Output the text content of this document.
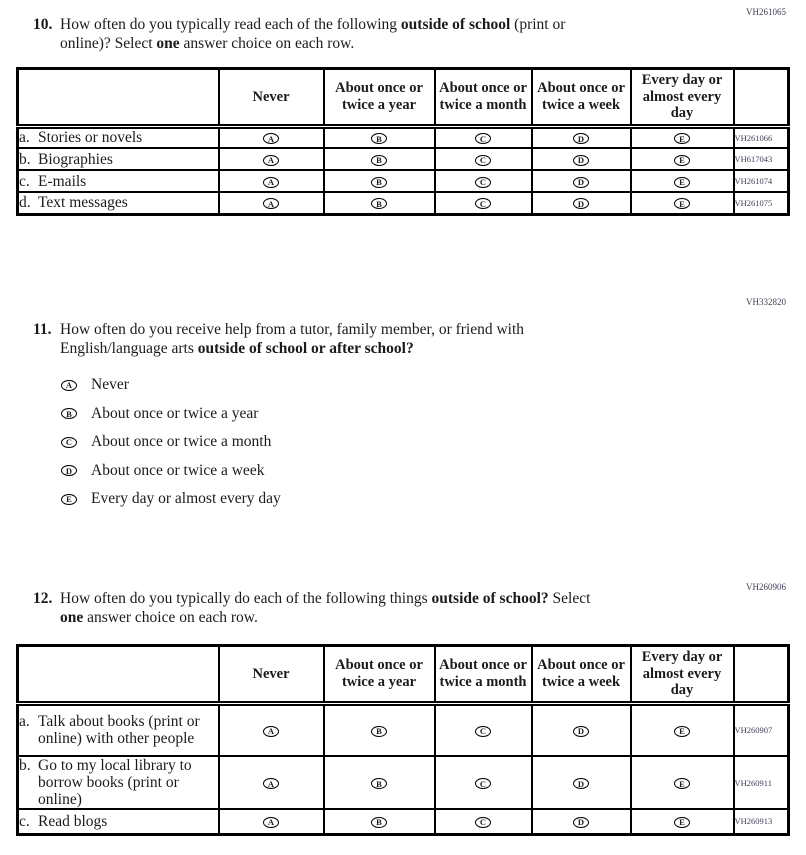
VH261065
10. How often do you typically read each of the following outside of school (print or
online)? Select one answer choice on each row.
	Never	About once or twice a year	About once or twice a month	About once or twice a week	Every day or almost every day	

a. Stories or novels	A	B	C	D	E	VH261066

b. Biographies	A	B	C	D	E	VH617043

c. E-mails	A	B	C	D	E	VH261074

d. Text messages	A	B	C	D	E	VH261075
VH332820
11. How often do you receive help from a tutor, family member, or friend with
English/language arts outside of school or after school?
A	Never
B	About once or twice a year
C	About once or twice a month
D	About once or twice a week
E	Every day or almost every day
VH260906
12. How often do you typically do each of the following things outside of school? Select
one answer choice on each row.
	Never	About once or twice a year	About once or twice a month	About once or twice a week	Every day or almost every day	

a. Talk about books (print or online) with other people	A	B	C	D	E	VH260907

b. Go to my local library to borrow books (print or online)	A	B	C	D	E	VH260911

c. Read blogs	A	B	C	D	E	VH260913
